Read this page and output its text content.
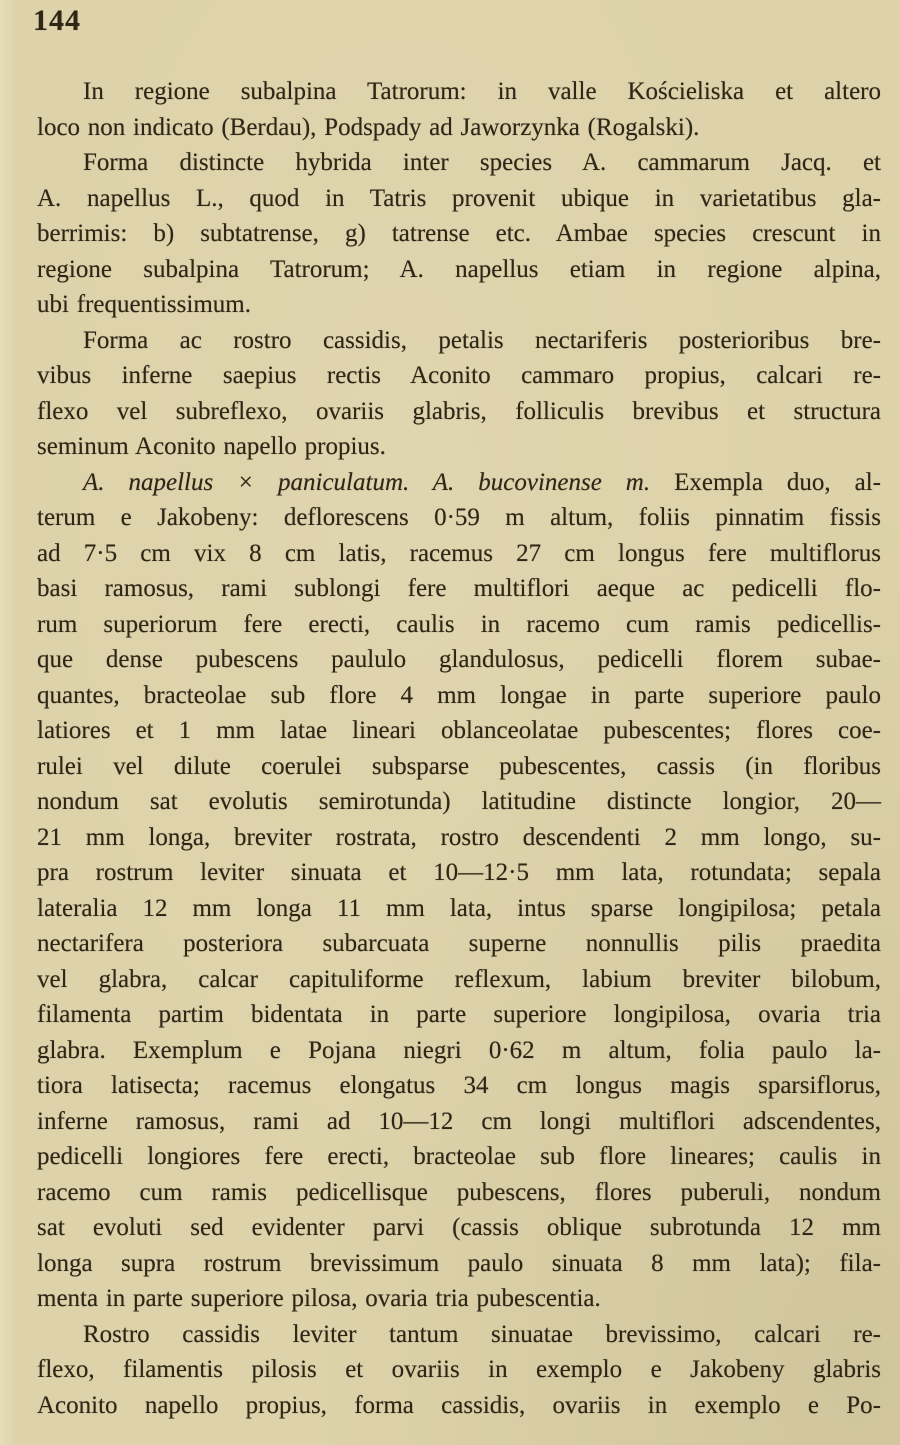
144
In regione subalpina Tatrorum: in valle Kościeliska et altero
loco non indicato (Berdau), Podspady ad Jaworzynka (Rogalski).
Forma distincte hybrida inter species A. cammarum Jacq. et
A. napellus L., quod in Tatris provenit ubique in varietatibus gla-
berrimis: b) subtatrense, g) tatrense etc. Ambae species crescunt in
regione subalpina Tatrorum; A. napellus etiam in regione alpina,
ubi frequentissimum.
Forma ac rostro cassidis, petalis nectariferis posterioribus bre-
vibus inferne saepius rectis Aconito cammaro propius, calcari re-
flexo vel subreflexo, ovariis glabris, folliculis brevibus et structura
seminum Aconito napello propius.
A. napellus × paniculatum. A. bucovinense m. Exempla duo, al-
terum e Jakobeny: deflorescens 0·59 m altum, foliis pinnatim fissis
ad 7·5 cm vix 8 cm latis, racemus 27 cm longus fere multiflorus
basi ramosus, rami sublongi fere multiflori aeque ac pedicelli flo-
rum superiorum fere erecti, caulis in racemo cum ramis pedicellis-
que dense pubescens paululo glandulosus, pedicelli florem subae-
quantes, bracteolae sub flore 4 mm longae in parte superiore paulo
latiores et 1 mm latae lineari oblanceolatae pubescentes; flores coe-
rulei vel dilute coerulei subsparse pubescentes, cassis (in floribus
nondum sat evolutis semirotunda) latitudine distincte longior, 20—
21 mm longa, breviter rostrata, rostro descendenti 2 mm longo, su-
pra rostrum leviter sinuata et 10—12·5 mm lata, rotundata; sepala
lateralia 12 mm longa 11 mm lata, intus sparse longipilosa; petala
nectarifera posteriora subarcuata superne nonnullis pilis praedita
vel glabra, calcar capituliforme reflexum, labium breviter bilobum,
filamenta partim bidentata in parte superiore longipilosa, ovaria tria
glabra. Exemplum e Pojana niegri 0·62 m altum, folia paulo la-
tiora latisecta; racemus elongatus 34 cm longus magis sparsiflorus,
inferne ramosus, rami ad 10—12 cm longi multiflori adscendentes,
pedicelli longiores fere erecti, bracteolae sub flore lineares; caulis in
racemo cum ramis pedicellisque pubescens, flores puberuli, nondum
sat evoluti sed evidenter parvi (cassis oblique subrotunda 12 mm
longa supra rostrum brevissimum paulo sinuata 8 mm lata); fila-
menta in parte superiore pilosa, ovaria tria pubescentia.
Rostro cassidis leviter tantum sinuatae brevissimo, calcari re-
flexo, filamentis pilosis et ovariis in exemplo e Jakobeny glabris
Aconito napello propius, forma cassidis, ovariis in exemplo e Po-
